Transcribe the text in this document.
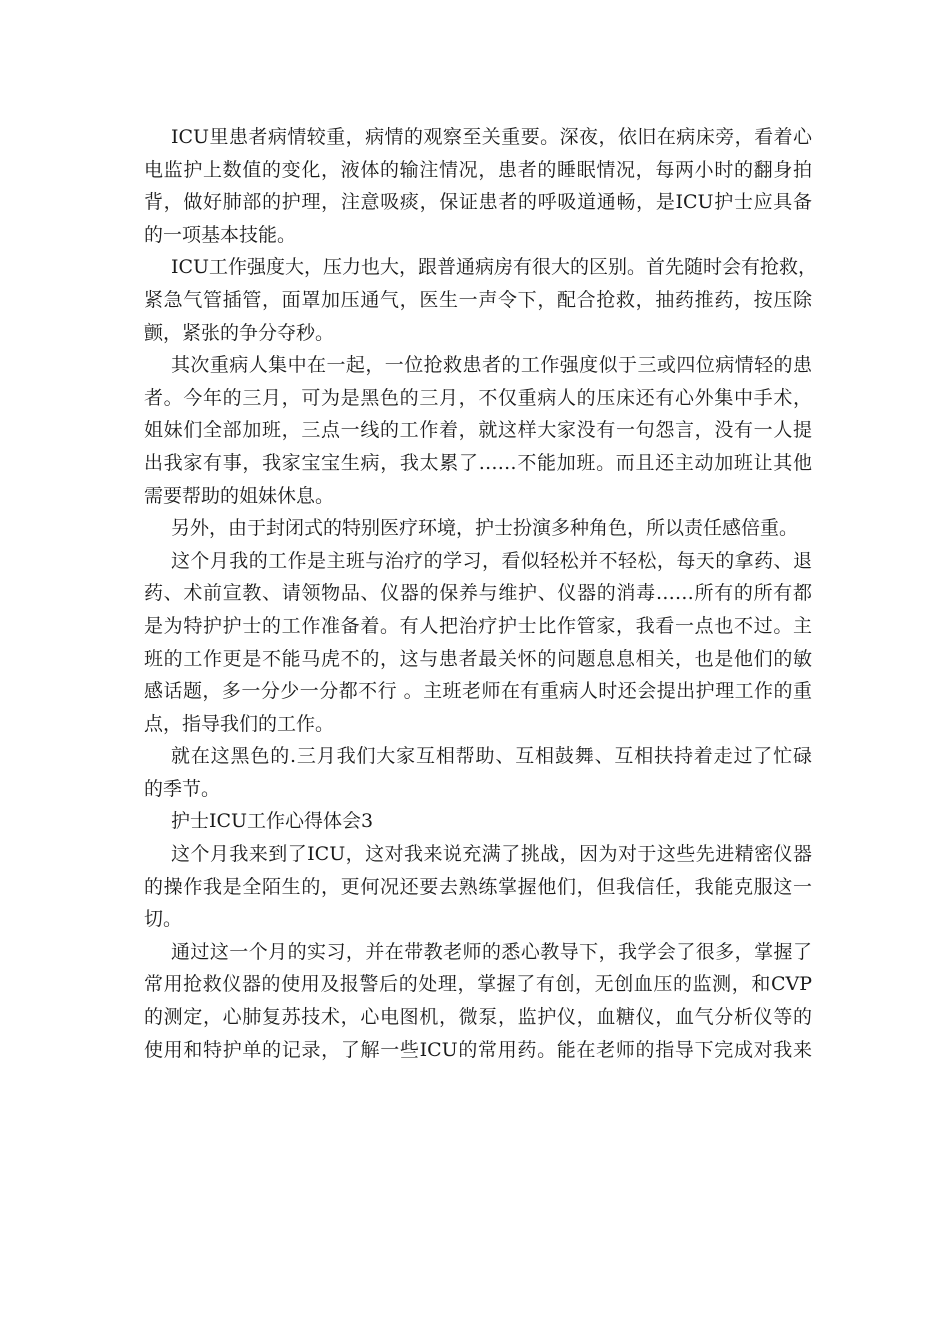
ICU里患者病情较重，病情的观察至关重要。深夜，依旧在病床旁，看着心
电监护上数值的变化，液体的输注情况，患者的睡眠情况，每两小时的翻身拍
背，做好肺部的护理，注意吸痰，保证患者的呼吸道通畅，是ICU护士应具备
的一项基本技能。
ICU工作强度大，压力也大，跟普通病房有很大的区别。首先随时会有抢救，
紧急气管插管，面罩加压通气，医生一声令下，配合抢救，抽药推药，按压除
颤，紧张的争分夺秒。
其次重病人集中在一起，一位抢救患者的工作强度似于三或四位病情轻的患
者。今年的三月，可为是黑色的三月，不仅重病人的压床还有心外集中手术，
姐妹们全部加班，三点一线的工作着，就这样大家没有一句怨言，没有一人提
出我家有事，我家宝宝生病，我太累了……不能加班。而且还主动加班让其他
需要帮助的姐妹休息。
另外，由于封闭式的特别医疗环境，护士扮演多种角色，所以责任感倍重。
这个月我的工作是主班与治疗的学习，看似轻松并不轻松，每天的拿药、退
药、术前宣教、请领物品、仪器的保养与维护、仪器的消毒……所有的所有都
是为特护护士的工作准备着。有人把治疗护士比作管家，我看一点也不过。主
班的工作更是不能马虎不的，这与患者最关怀的问题息息相关，也是他们的敏
感话题，多一分少一分都不行 。主班老师在有重病人时还会提出护理工作的重
点，指导我们的工作。
就在这黑色的.三月我们大家互相帮助、互相鼓舞、互相扶持着走过了忙碌
的季节。
护士ICU工作心得体会3
这个月我来到了ICU，这对我来说充满了挑战，因为对于这些先进精密仪器
的操作我是全陌生的，更何况还要去熟练掌握他们，但我信任，我能克服这一
切。
通过这一个月的实习，并在带教老师的悉心教导下，我学会了很多，掌握了
常用抢救仪器的使用及报警后的处理，掌握了有创，无创血压的监测，和CVP
的测定，心肺复苏技术，心电图机，微泵，监护仪，血糖仪，血气分析仪等的
使用和特护单的记录，了解一些ICU的常用药。能在老师的指导下完成对我来
